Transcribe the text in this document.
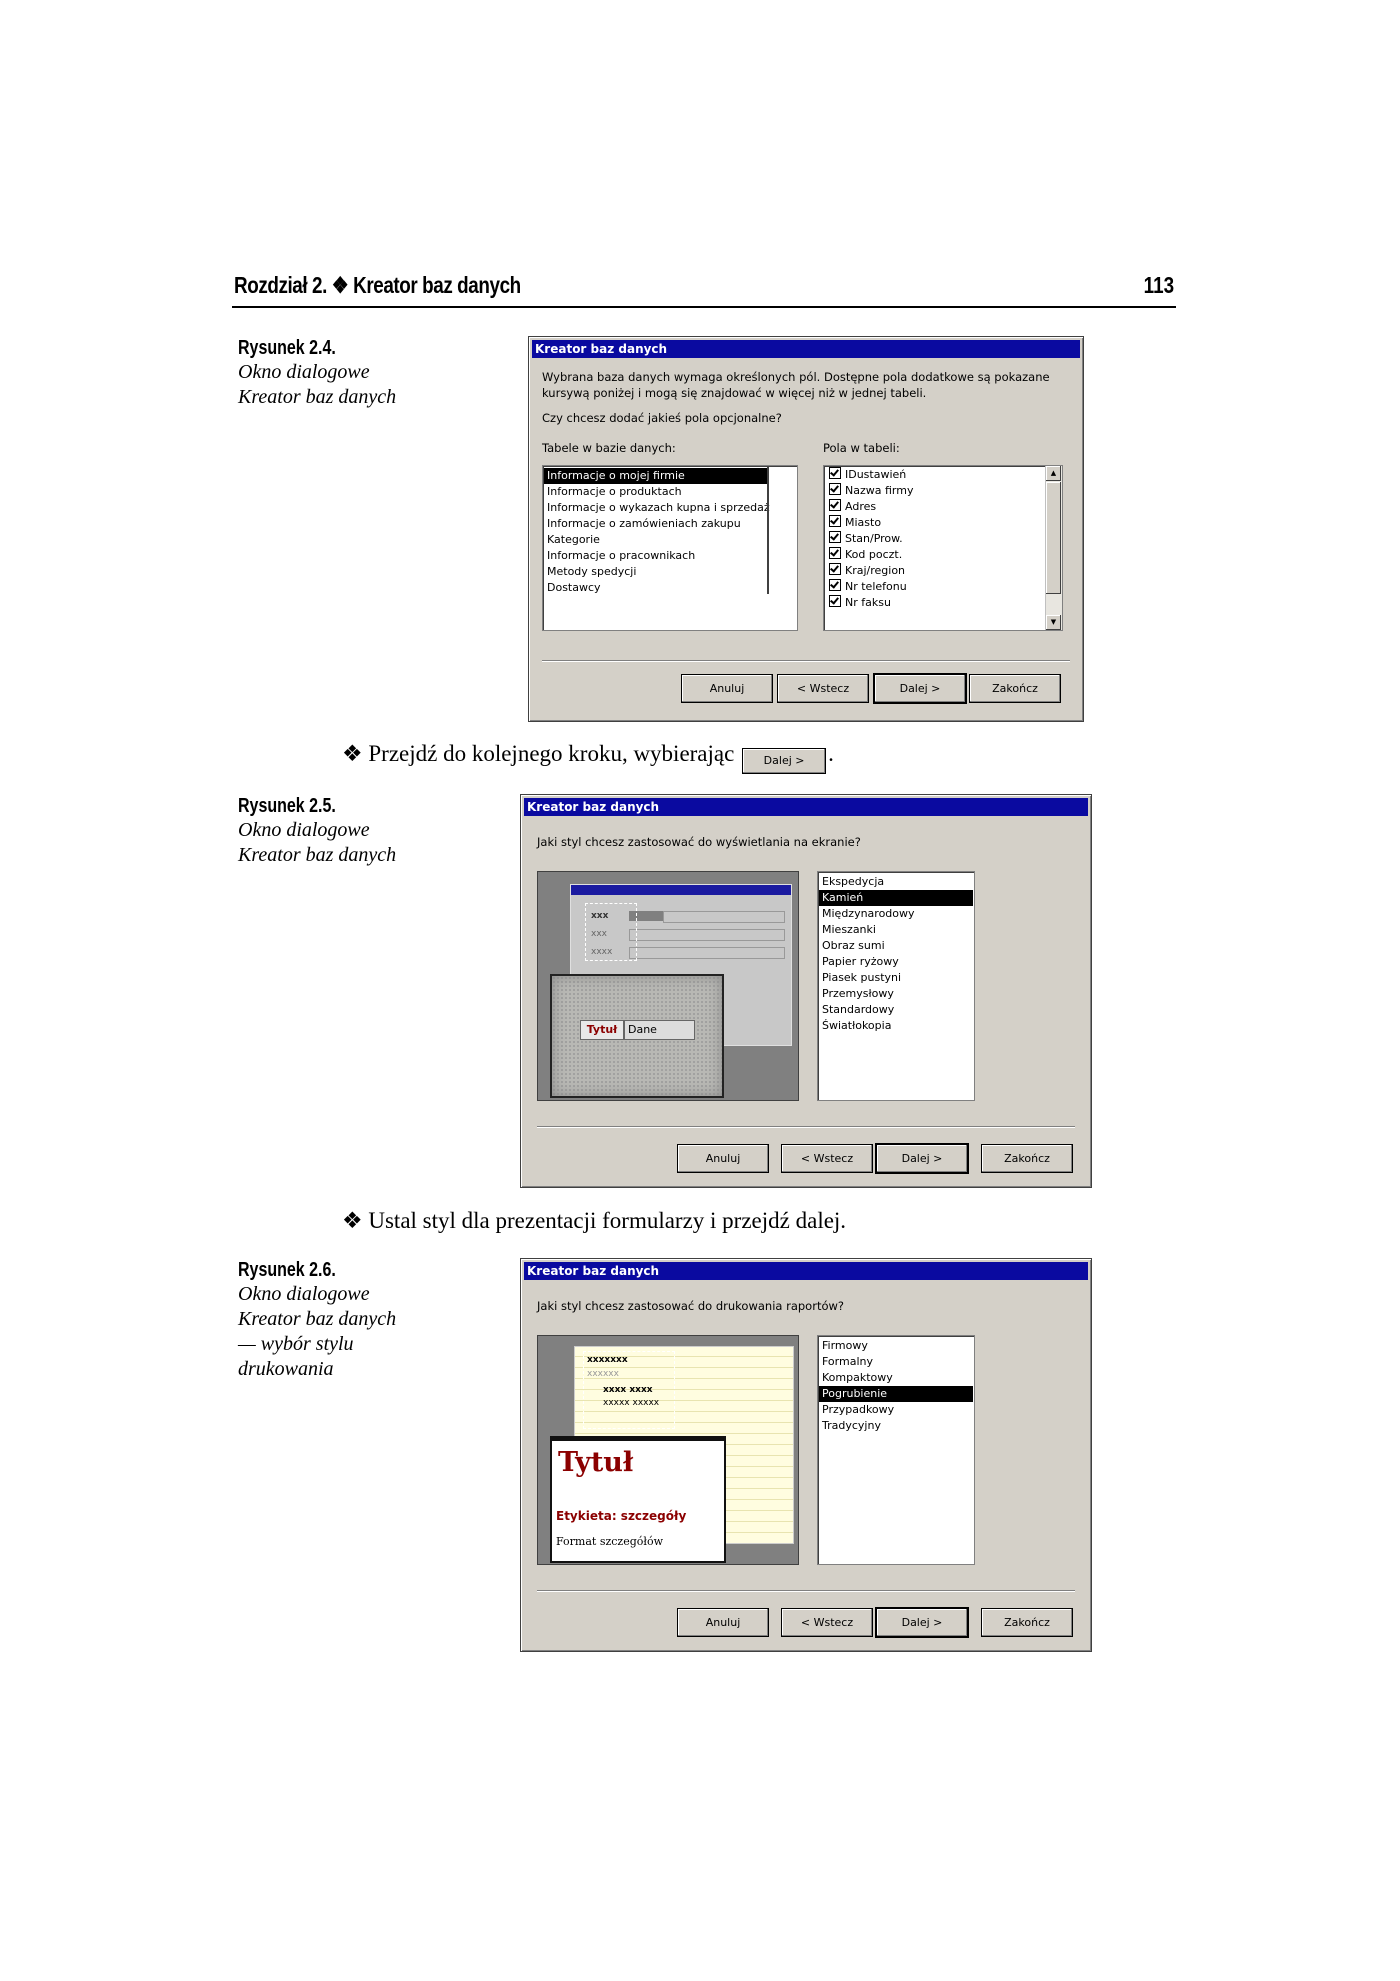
Rozdział 2. ❖ Kreator baz danych	113
Rysunek 2.4.
Okno dialogowe
Kreator baz danych
Kreator baz danych
Wybrana baza danych wymaga określonych pól. Dostępne pola dodatkowe są pokazane
kursywą poniżej i mogą się znajdować w więcej niż w jednej tabeli.
Czy chcesz dodać jakieś pola opcjonalne?
Tabele w bazie danych:	Pola w tabeli:
Informacje o mojej firmie
Informacje o produktach
Informacje o wykazach kupna i sprzedaż
Informacje o zamówieniach zakupu
Kategorie
Informacje o pracownikach
Metody spedycji
Dostawcy
IDustawień
Nazwa firmy
Adres
Miasto
Stan/Prow.
Kod poczt.
Kraj/region
Nr telefonu
Nr faksu
▲
▼
Anuluj	< Wstecz	Dalej >	Zakończ
❖ Przejdź do kolejnego kroku, wybierając	Dalej > .
Rysunek 2.5.
Okno dialogowe
Kreator baz danych
Kreator baz danych
Jaki styl chcesz zastosować do wyświetlania na ekranie?
xxx
xxx
xxxx
Tytuł Dane
Ekspedycja
Kamień
Międzynarodowy
Mieszanki
Obraz sumi
Papier ryżowy
Piasek pustyni
Przemysłowy
Standardowy
Światłokopia
Anuluj	< Wstecz	Dalej >	Zakończ
❖ Ustal styl dla prezentacji formularzy i przejdź dalej.
Rysunek 2.6.
Okno dialogowe
Kreator baz danych
— wybór stylu
drukowania
Kreator baz danych
Jaki styl chcesz zastosować do drukowania raportów?
xxxxxxx
xxxxxx
xxxx xxxx
xxxxx xxxxx
Tytuł
Etykieta: szczegóły
Format szczegółów
Firmowy
Formalny
Kompaktowy
Pogrubienie
Przypadkowy
Tradycyjny
Anuluj	< Wstecz	Dalej >	Zakończ
